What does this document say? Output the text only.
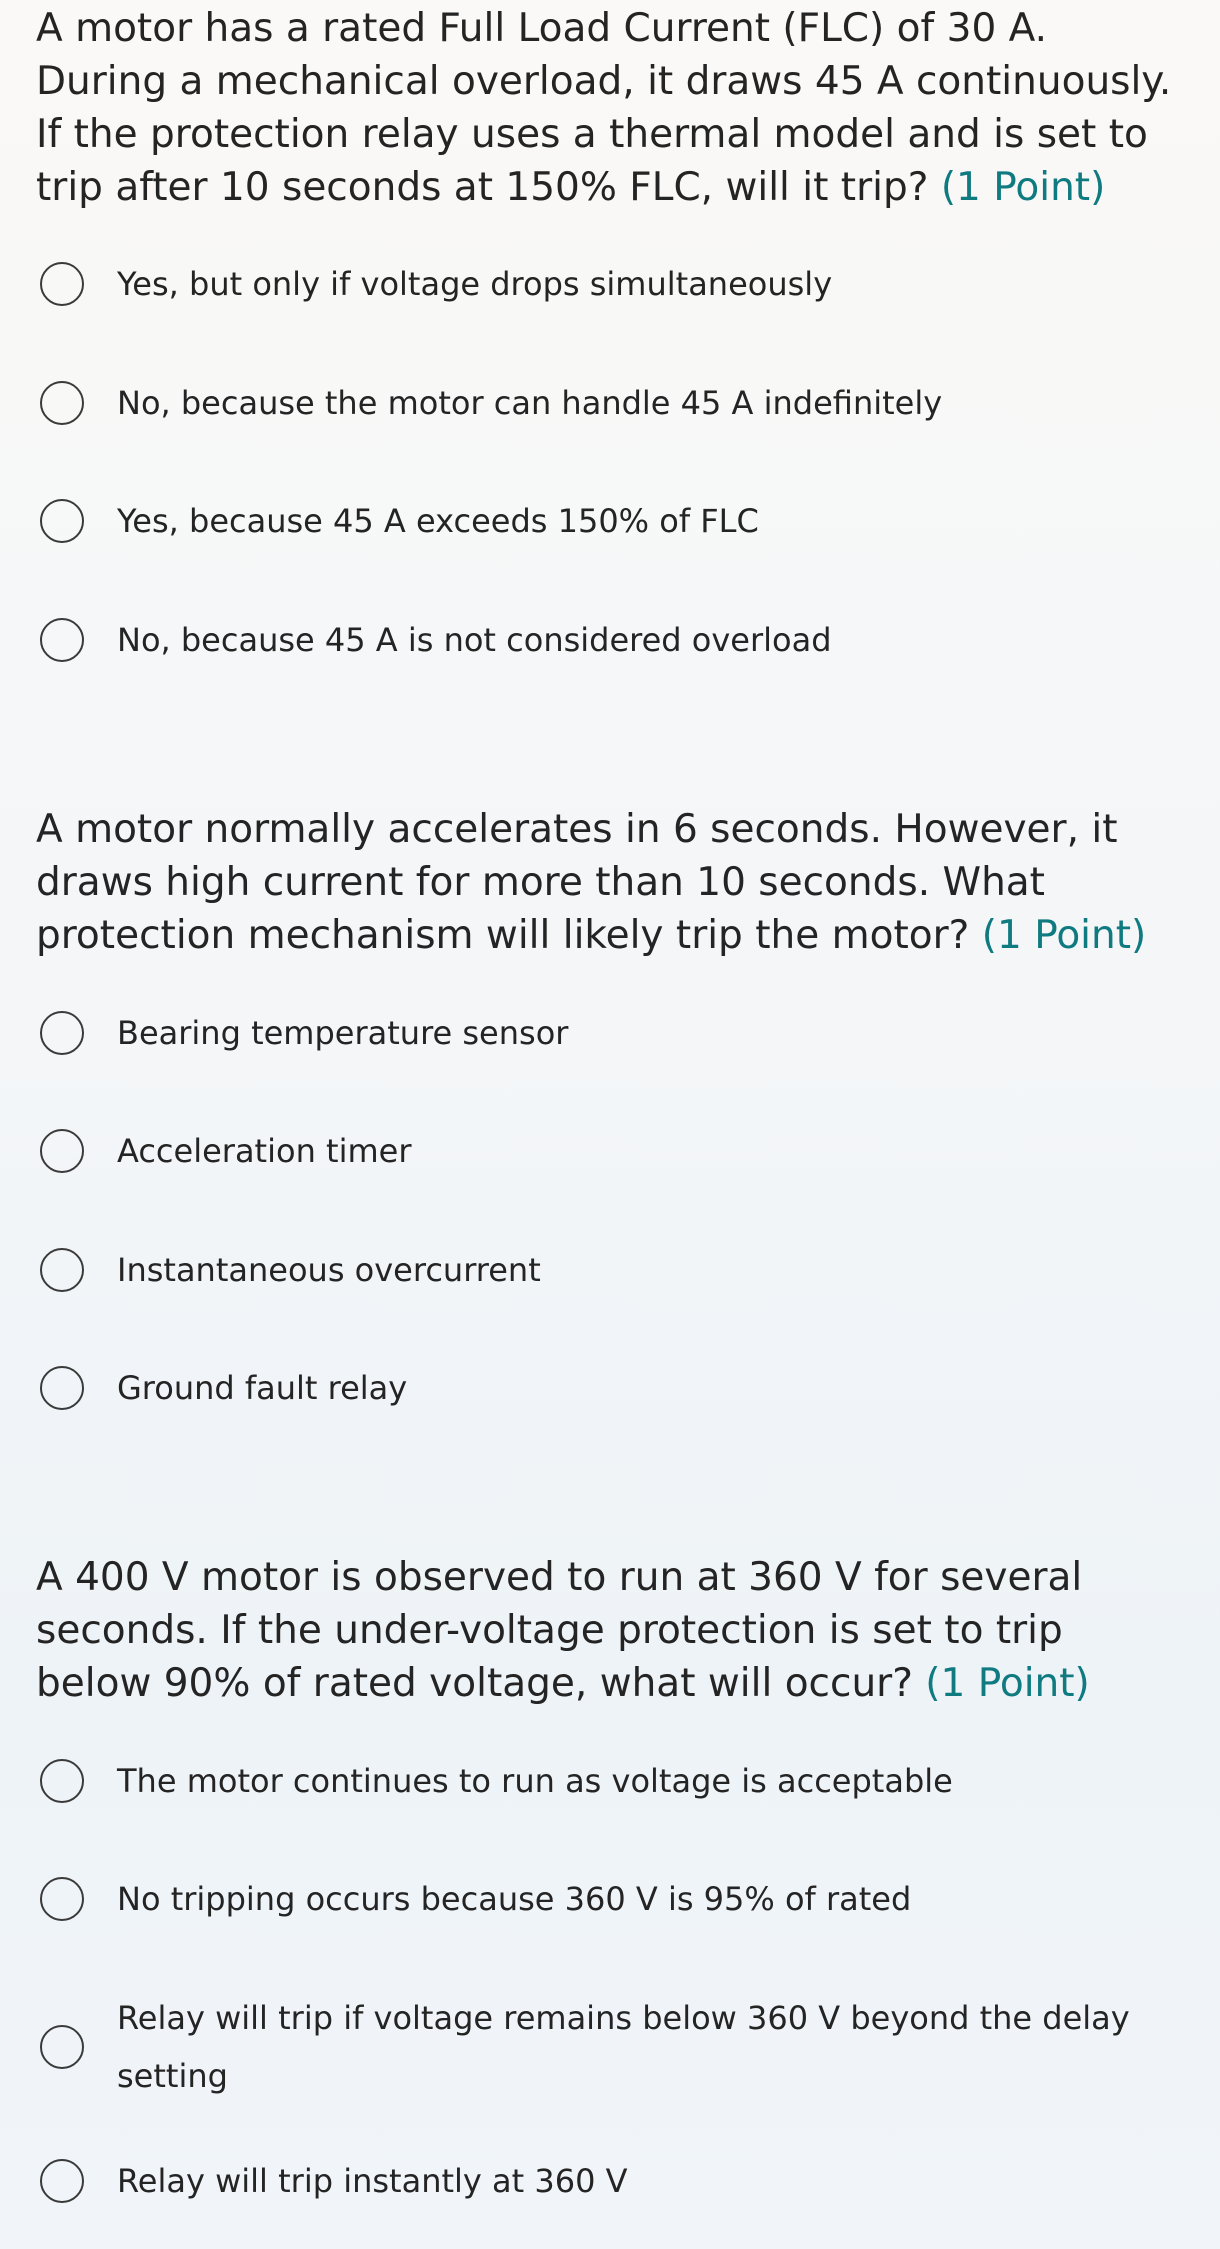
A motor has a rated Full Load Current (FLC) of 30 A. During a mechanical overload, it draws 45 A continuously. If the protection relay uses a thermal model and is set to trip after 10 seconds at 150% FLC, will it trip? (1 Point)

Yes, but only if voltage drops simultaneously
No, because the motor can handle 45 A indefinitely
Yes, because 45 A exceeds 150% of FLC
No, because 45 A is not considered overload

A motor normally accelerates in 6 seconds. However, it draws high current for more than 10 seconds. What protection mechanism will likely trip the motor? (1 Point)

Bearing temperature sensor
Acceleration timer
Instantaneous overcurrent
Ground fault relay

A 400 V motor is observed to run at 360 V for several seconds. If the under-voltage protection is set to trip below 90% of rated voltage, what will occur? (1 Point)

The motor continues to run as voltage is acceptable
No tripping occurs because 360 V is 95% of rated
Relay will trip if voltage remains below 360 V beyond the delay setting
Relay will trip instantly at 360 V
